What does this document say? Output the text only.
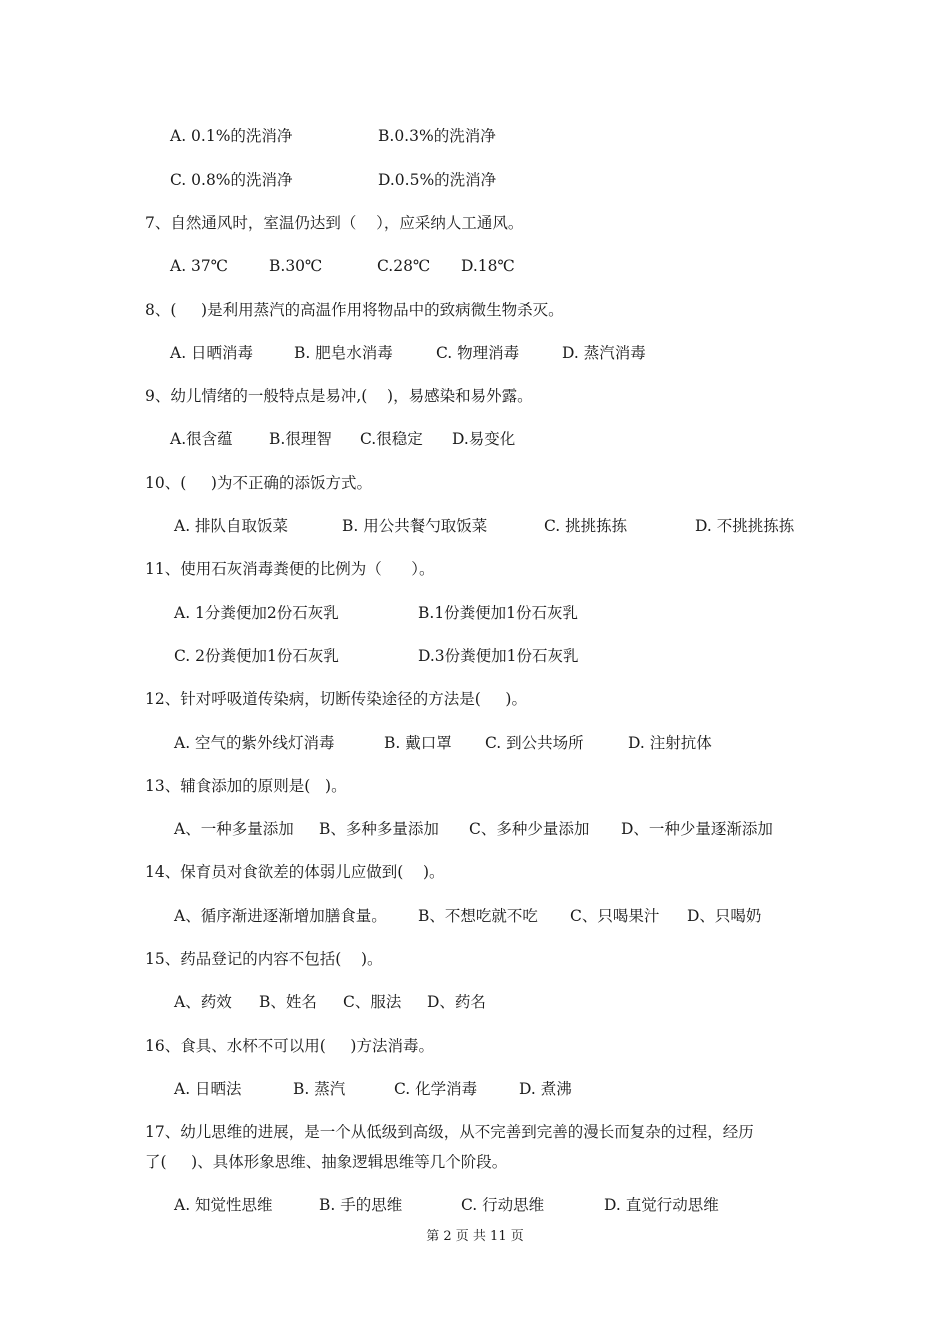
A. 0.1%的洗消净

	B.0.3%的洗消净

C. 0.8%的洗消净

	D.0.5%的洗消净

7、自然通风时，室温仍达到（    ），应采纳人工通风。

A. 37℃

	B.30℃

	C.28℃

D.18℃

8、(     )是利用蒸汽的高温作用将物品中的致病微生物杀灭。

A. 日晒消毒

	B. 肥皂水消毒

	C. 物理消毒

	D. 蒸汽消毒

9、幼儿情绪的一般特点是易冲,(    )，易感染和易外露。

A.很含蕴

B.很理智

C.很稳定

D.易变化

10、(     )为不正确的添饭方式。

A. 排队自取饭菜

	B. 用公共餐勺取饭菜

	C. 挑挑拣拣

	D. 不挑挑拣拣

11、使用石灰消毒粪便的比例为（      ）。

A. 1分粪便加2份石灰乳

	B.1份粪便加1份石灰乳

C. 2份粪便加1份石灰乳

	D.3份粪便加1份石灰乳

12、针对呼吸道传染病，切断传染途径的方法是(     )。

A. 空气的紫外线灯消毒

	B. 戴口罩

C. 到公共场所

	D. 注射抗体

13、辅食添加的原则是(   )。

A、一种多量添加

B、多种多量添加

C、多种少量添加

D、一种少量逐渐添加

14、保育员对食欲差的体弱儿应做到(    )。

A、循序渐进逐渐增加膳食量。

B、不想吃就不吃

C、只喝果汁

D、只喝奶

15、药品登记的内容不包括(    )。

A、药效

B、姓名

C、服法

D、药名

16、食具、水杯不可以用(     )方法消毒。

A. 日晒法

	B. 蒸汽

	C. 化学消毒

	D. 煮沸

17、幼儿思维的进展，是一个从低级到高级，从不完善到完善的漫长而复杂的过程，经历
了(     )、具体形象思维、抽象逻辑思维等几个阶段。

A. 知觉性思维

	B. 手的思维

	C. 行动思维

	D. 直觉行动思维

第 2 页 共 11 页
